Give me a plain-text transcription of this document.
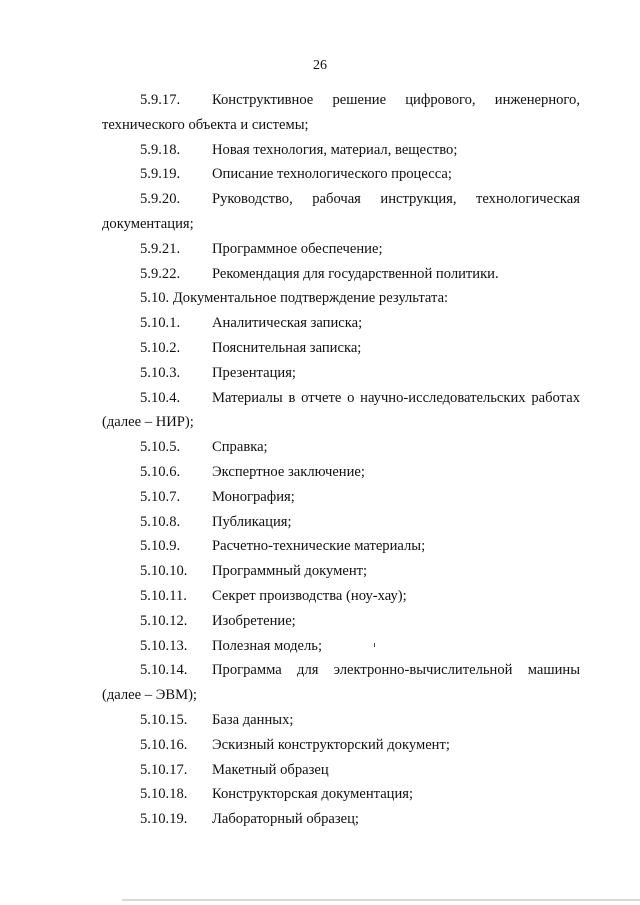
26
5.9.17. Конструктивное решение цифрового, инженерного,
технического объекта и системы;
5.9.18. Новая технология, материал, вещество;
5.9.19. Описание технологического процесса;
5.9.20. Руководство, рабочая инструкция, технологическая
документация;
5.9.21. Программное обеспечение;
5.9.22. Рекомендация для государственной политики.
5.10. Документальное подтверждение результата:
5.10.1. Аналитическая записка;
5.10.2. Пояснительная записка;
5.10.3. Презентация;
5.10.4. Материалы в отчете о научно-исследовательских работах
(далее – НИР);
5.10.5. Справка;
5.10.6. Экспертное заключение;
5.10.7. Монография;
5.10.8. Публикация;
5.10.9. Расчетно-технические материалы;
5.10.10. Программный документ;
5.10.11. Секрет производства (ноу-хау);
5.10.12. Изобретение;
5.10.13. Полезная модель;
5.10.14. Программа для электронно-вычислительной машины
(далее – ЭВМ);
5.10.15. База данных;
5.10.16. Эскизный конструкторский документ;
5.10.17. Макетный образец
5.10.18. Конструкторская документация;
5.10.19. Лабораторный образец;
